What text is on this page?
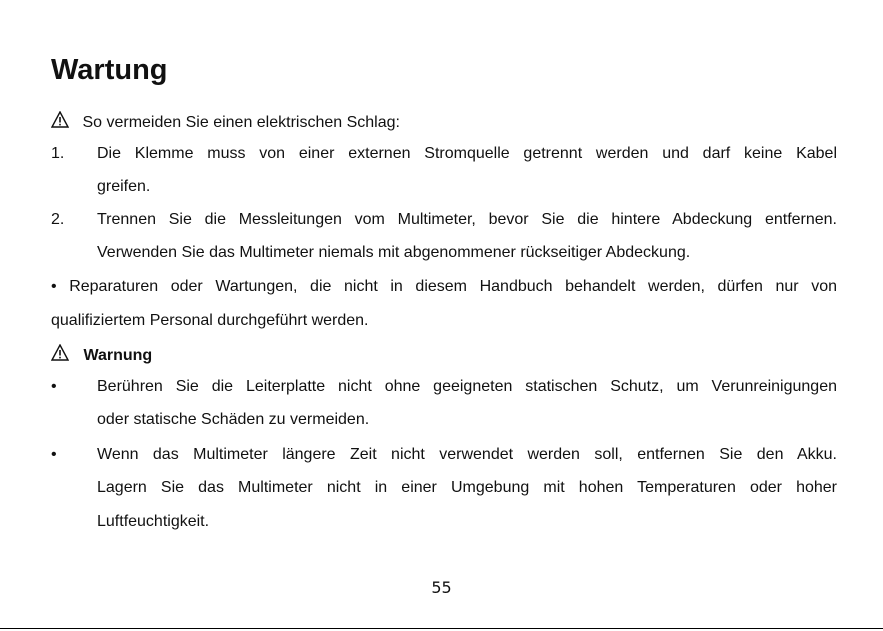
Wartung
So vermeiden Sie einen elektrischen Schlag:
1. Die Klemme muss von einer externen Stromquelle getrennt werden und darf keine Kabel
greifen.
2. Trennen Sie die Messleitungen vom Multimeter, bevor Sie die hintere Abdeckung entfernen.
Verwenden Sie das Multimeter niemals mit abgenommener rückseitiger Abdeckung.
• Reparaturen oder Wartungen, die nicht in diesem Handbuch behandelt werden, dürfen nur von
qualifiziertem Personal durchgeführt werden.
Warnung
•	Berühren Sie die Leiterplatte nicht ohne geeigneten statischen Schutz, um Verunreinigungen
oder statische Schäden zu vermeiden.
•	Wenn das Multimeter längere Zeit nicht verwendet werden soll, entfernen Sie den Akku.
Lagern Sie das Multimeter nicht in einer Umgebung mit hohen Temperaturen oder hoher
Luftfeuchtigkeit.
55
